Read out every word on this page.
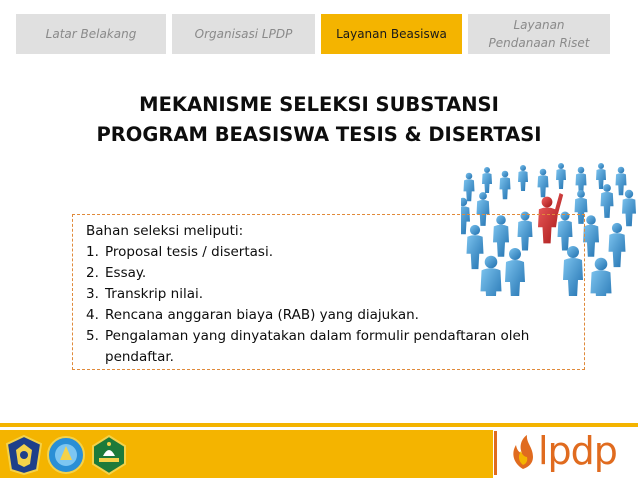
Latar Belakang	Organisasi LPDP	Layanan Beasiswa
Layanan Pendanaan Riset
MEKANISME SELEKSI SUBSTANSI
PROGRAM BEASISWA TESIS & DISERTASI
Bahan seleksi meliputi:
1. Proposal tesis / disertasi.
2. Essay.
3. Transkrip nilai.
4. Rencana anggaran biaya (RAB) yang diajukan.
5. Pengalaman yang dinyatakan dalam formulir pendaftaran oleh pendaftar.
lpdp
